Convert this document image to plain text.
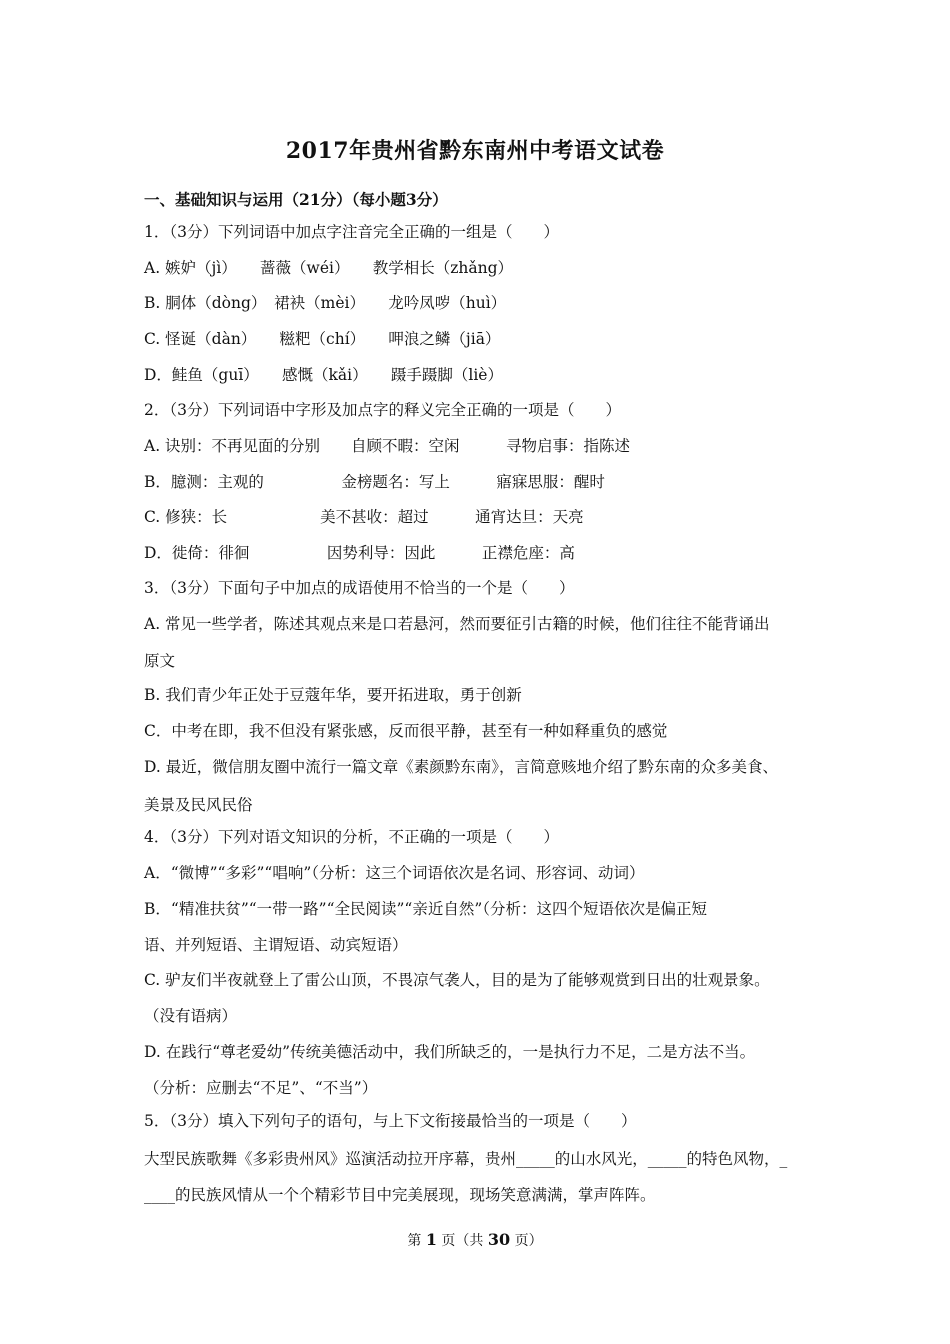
2017年贵州省黔东南州中考语文试卷
一、基础知识与运用（21分）（每小题3分）
1．（3分）下列词语中加点字注音完全正确的一组是（　　）
A. 嫉妒（jì）　　蔷薇（wéi）　　教学相长（zhǎng）
B. 胴体（dòng）　裙袂（mèi）　　龙吟凤哕（huì）
C. 怪诞（dàn）　　糍粑（chí）　　呷浪之鳞（jiā）
D．鲑鱼（guī）　　感慨（kǎi）　　蹑手蹑脚（liè）
2．（3分）下列词语中字形及加点字的释义完全正确的一项是（　　）
A. 诀别：不再见面的分别　　自顾不暇：空闲　　　寻物启事：指陈述
B．臆测：主观的　　　　　金榜题名：写上　　　寤寐思服：醒时
C. 修狭：长　　　　　　美不甚收：超过　　　通宵达旦：天亮
D．徙倚：徘徊　　　　　因势利导：因此　　　正襟危座：高
3．（3分）下面句子中加点的成语使用不恰当的一个是（　　）
A. 常见一些学者，陈述其观点来是口若悬河，然而要征引古籍的时候，他们往往不能背诵出
原文
B. 我们青少年正处于豆蔻年华，要开拓进取，勇于创新
C．中考在即，我不但没有紧张感，反而很平静，甚至有一种如释重负的感觉
D. 最近，微信朋友圈中流行一篇文章《素颜黔东南》，言简意赅地介绍了黔东南的众多美食、
美景及民风民俗
4．（3分）下列对语文知识的分析，不正确的一项是（　　）
A．“微博”“多彩”“唱响”（分析：这三个词语依次是名词、形容词、动词）
B．“精准扶贫”“一带一路”“全民阅读”“亲近自然”（分析：这四个短语依次是偏正短
语、并列短语、主谓短语、动宾短语）
C. 驴友们半夜就登上了雷公山顶，不畏凉气袭人，目的是为了能够观赏到日出的壮观景象。
（没有语病）
D. 在践行“尊老爱幼”传统美德活动中，我们所缺乏的，一是执行力不足，二是方法不当。
（分析：应删去“不足”、“不当”）
5．（3分）填入下列句子的语句，与上下文衔接最恰当的一项是（　　）
大型民族歌舞《多彩贵州风》巡演活动拉开序幕，贵州_____的山水风光，_____的特色风物，_
____的民族风情从一个个精彩节目中完美展现，现场笑意满满，掌声阵阵。
第 1 页（共 30 页）
